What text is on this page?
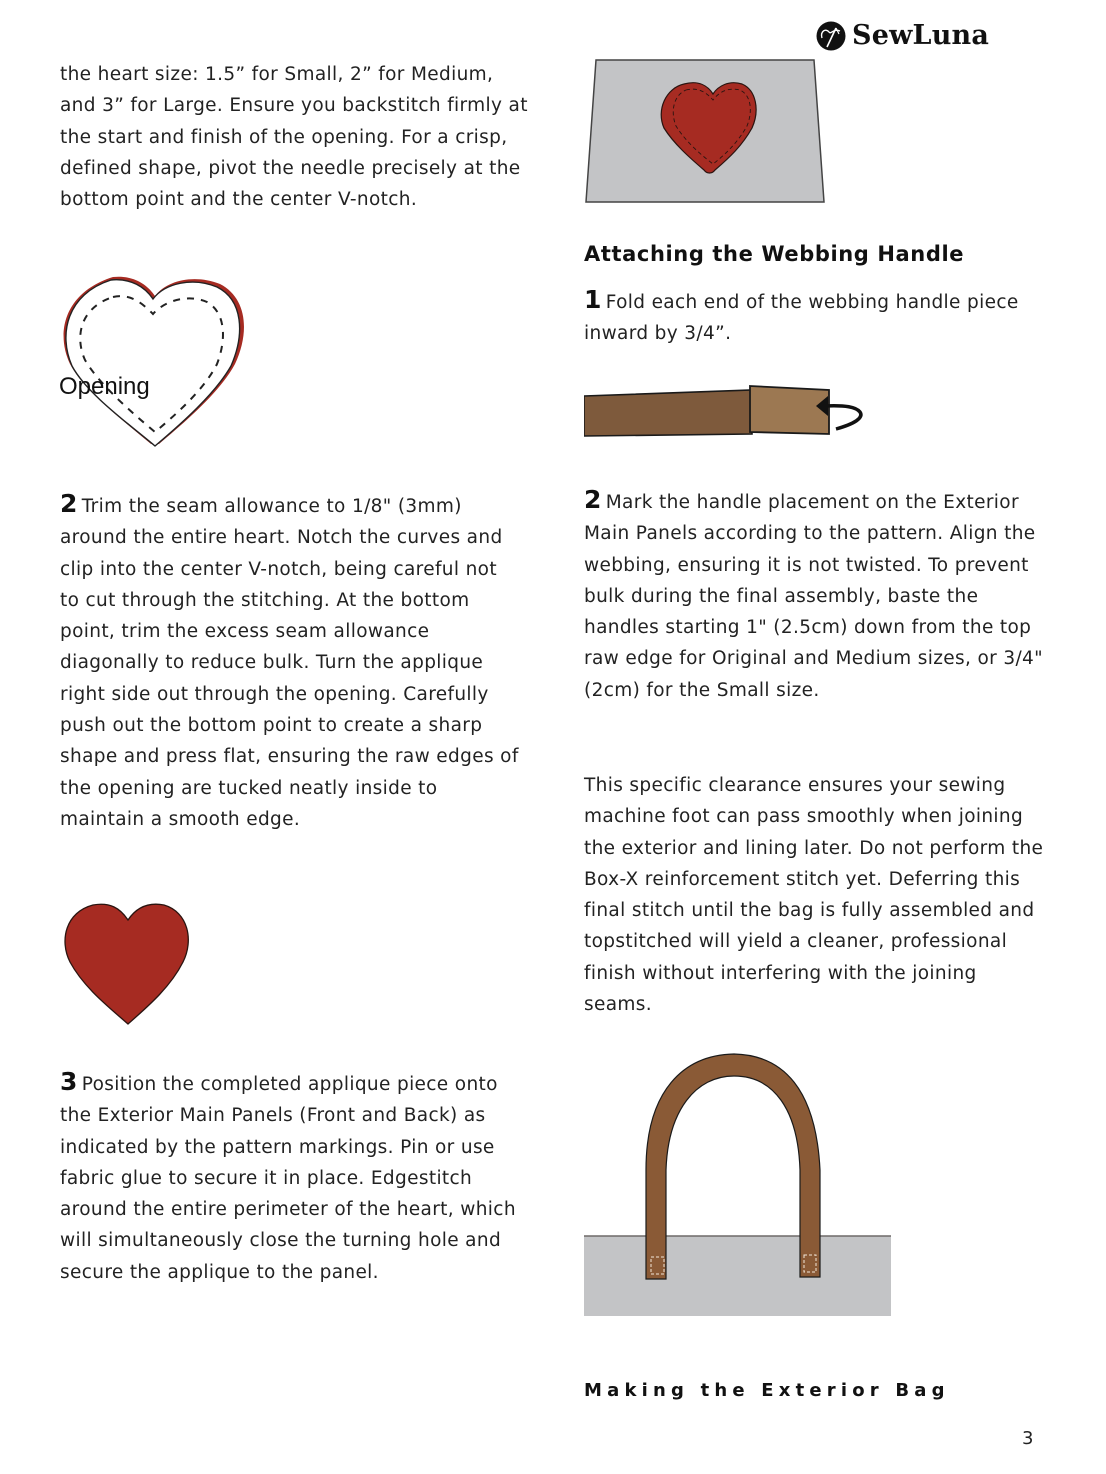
SewLuna

the heart size: 1.5” for Small, 2” for Medium, and 3” for Large. Ensure you backstitch firmly at the start and finish of the opening. For a crisp, defined shape, pivot the needle precisely at the bottom point and the center V-notch.

Opening

2 Trim the seam allowance to 1/8" (3mm) around the entire heart. Notch the curves and clip into the center V-notch, being careful not to cut through the stitching. At the bottom point, trim the excess seam allowance diagonally to reduce bulk. Turn the applique right side out through the opening. Carefully push out the bottom point to create a sharp shape and press flat, ensuring the raw edges of the opening are tucked neatly inside to maintain a smooth edge.

3 Position the completed applique piece onto the Exterior Main Panels (Front and Back) as indicated by the pattern markings. Pin or use fabric glue to secure it in place. Edgestitch around the entire perimeter of the heart, which will simultaneously close the turning hole and secure the applique to the panel.

Attaching the Webbing Handle

1 Fold each end of the webbing handle piece inward by 3/4”.

2 Mark the handle placement on the Exterior Main Panels according to the pattern. Align the webbing, ensuring it is not twisted. To prevent bulk during the final assembly, baste the handles starting 1" (2.5cm) down from the top raw edge for Original and Medium sizes, or 3/4" (2cm) for the Small size.

This specific clearance ensures your sewing machine foot can pass smoothly when joining the exterior and lining later. Do not perform the Box-X reinforcement stitch yet. Deferring this final stitch until the bag is fully assembled and topstitched will yield a cleaner, professional finish without interfering with the joining seams.

Making the Exterior Bag
3
